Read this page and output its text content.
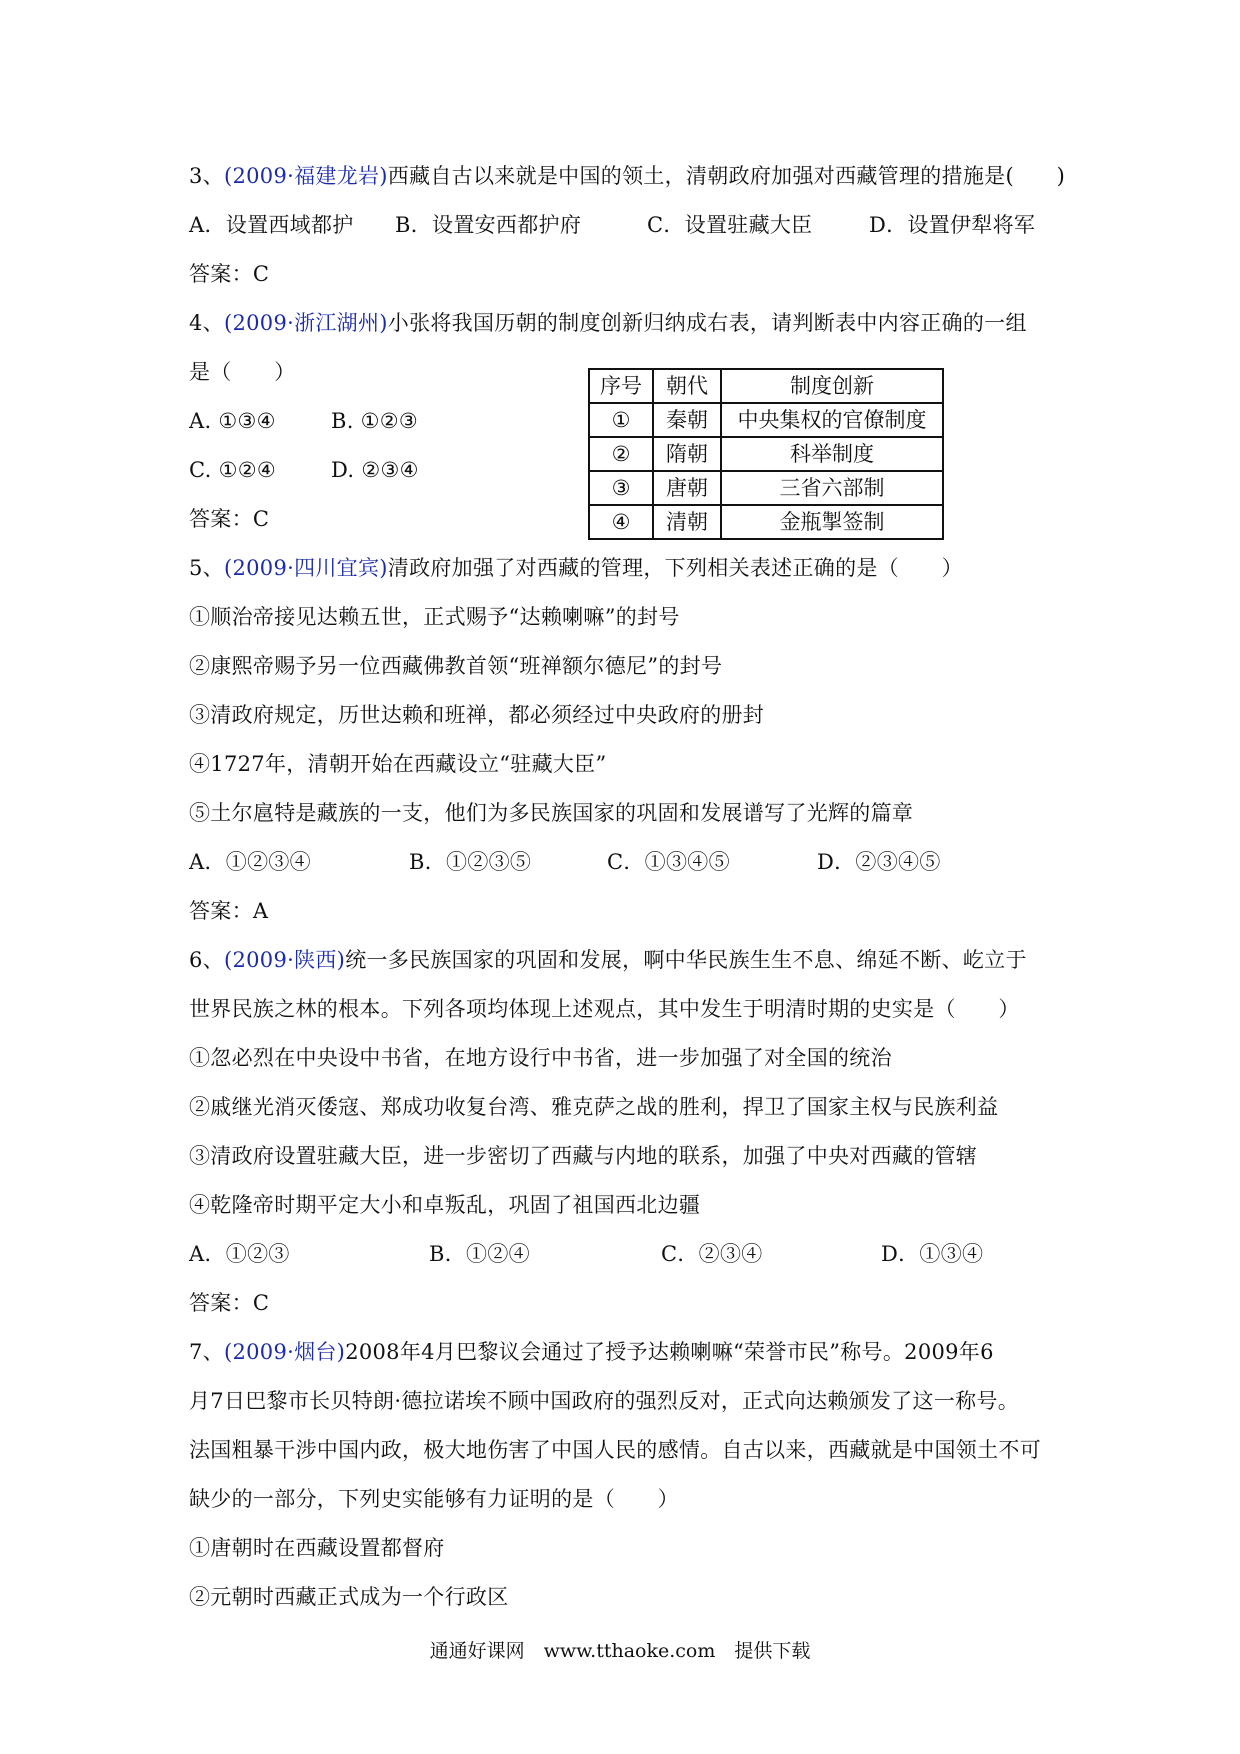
3、(2009·福建龙岩)西藏自古以来就是中国的领土，清朝政府加强对西藏管理的措施是(　　)
A．设置西域都护 B．设置安西都护府	C．设置驻藏大臣	D．设置伊犁将军
答案：C
4、(2009·浙江湖州)小张将我国历朝的制度创新归纳成右表，请判断表中内容正确的一组
是（　　）
A. ①③④	B. ①②③
C. ①②④	D. ②③④
答案：C
序号	朝代	制度创新
①	秦朝	中央集权的官僚制度
②	隋朝	科举制度
③	唐朝	三省六部制
④	清朝	金瓶掣签制
5、(2009·四川宜宾)清政府加强了对西藏的管理，下列相关表述正确的是（　　）
①顺治帝接见达赖五世，正式赐予“达赖喇嘛”的封号
②康熙帝赐予另一位西藏佛教首领“班禅额尔德尼”的封号
③清政府规定，历世达赖和班禅，都必须经过中央政府的册封
④1727年，清朝开始在西藏设立“驻藏大臣”
⑤土尔扈特是藏族的一支，他们为多民族国家的巩固和发展谱写了光辉的篇章
A．①②③④	B．①②③⑤	C．①③④⑤	D．②③④⑤
答案：A
6、(2009·陕西)统一多民族国家的巩固和发展，啊中华民族生生不息、绵延不断、屹立于
世界民族之林的根本。下列各项均体现上述观点，其中发生于明清时期的史实是（　　）
①忽必烈在中央设中书省，在地方设行中书省，进一步加强了对全国的统治
②戚继光消灭倭寇、郑成功收复台湾、雅克萨之战的胜利，捍卫了国家主权与民族利益
③清政府设置驻藏大臣，进一步密切了西藏与内地的联系，加强了中央对西藏的管辖
④乾隆帝时期平定大小和卓叛乱，巩固了祖国西北边疆
A．①②③	B．①②④	C．②③④	D．①③④
答案：C
7、(2009·烟台)2008年4月巴黎议会通过了授予达赖喇嘛“荣誉市民”称号。2009年6
月7日巴黎市长贝特朗·德拉诺埃不顾中国政府的强烈反对，正式向达赖颁发了这一称号。
法国粗暴干涉中国内政，极大地伤害了中国人民的感情。自古以来，西藏就是中国领土不可
缺少的一部分，下列史实能够有力证明的是（　　）
①唐朝时在西藏设置都督府
②元朝时西藏正式成为一个行政区
通通好课网　www.tthaoke.com　提供下载
